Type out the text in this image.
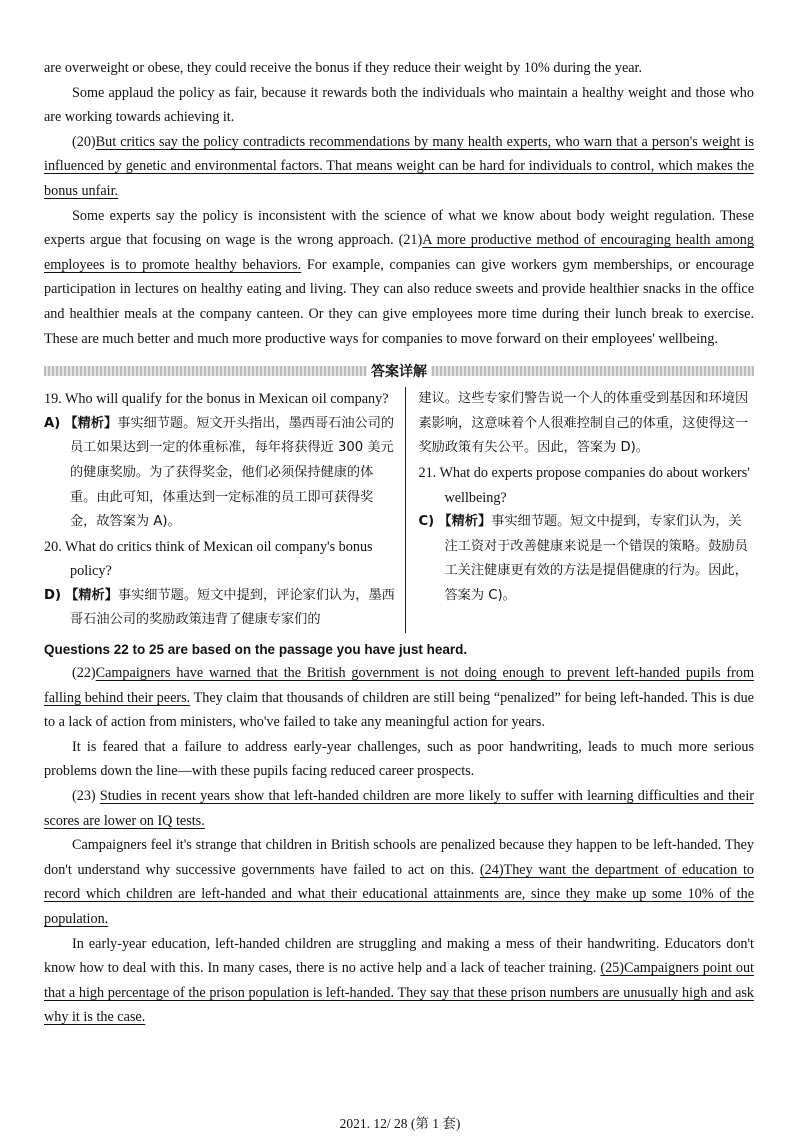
are overweight or obese, they could receive the bonus if they reduce their weight by 10% during the year.

Some applaud the policy as fair, because it rewards both the individuals who maintain a healthy weight and those who are working towards achieving it.

(20)But critics say the policy contradicts recommendations by many health experts, who warn that a person's weight is influenced by genetic and environmental factors. That means weight can be hard for individuals to control, which makes the bonus unfair.

Some experts say the policy is inconsistent with the science of what we know about body weight regulation. These experts argue that focusing on wage is the wrong approach. (21)A more productive method of encouraging health among employees is to promote healthy behaviors. For example, companies can give workers gym memberships, or encourage participation in lectures on healthy eating and living. They can also reduce sweets and provide healthier snacks in the office and healthier meals at the company canteen. Or they can give employees more time during their lunch break to exercise. These are much better and much more productive ways for companies to move forward on their employees' wellbeing.

答案详解

19. Who will qualify for the bonus in Mexican oil company?

A) 【精析】事实细节题。短文开头指出，墨西哥石油公司的员工如果达到一定的体重标准，每年将获得近 300 美元的健康奖励。为了获得奖金，他们必须保持健康的体重。由此可知，体重达到一定标准的员工即可获得奖金，故答案为 A)。

20. What do critics think of Mexican oil company's bonus policy?

D) 【精析】事实细节题。短文中提到，评论家们认为，墨西哥石油公司的奖励政策违背了健康专家们的

建议。这些专家们警告说一个人的体重受到基因和环境因素影响，这意味着个人很难控制自己的体重，这使得这一奖励政策有失公平。因此，答案为 D)。

21. What do experts propose companies do about workers' wellbeing?

C) 【精析】事实细节题。短文中提到，专家们认为，关注工资对于改善健康来说是一个错误的策略。鼓励员工关注健康更有效的方法是提倡健康的行为。因此，答案为 C)。

Questions 22 to 25 are based on the passage you have just heard.

(22)Campaigners have warned that the British government is not doing enough to prevent left-handed pupils from falling behind their peers. They claim that thousands of children are still being “penalized” for being left-handed. This is due to a lack of action from ministers, who've failed to take any meaningful action for years.

It is feared that a failure to address early-year challenges, such as poor handwriting, leads to much more serious problems down the line—with these pupils facing reduced career prospects.

(23) Studies in recent years show that left-handed children are more likely to suffer with learning difficulties and their scores are lower on IQ tests.

Campaigners feel it's strange that children in British schools are penalized because they happen to be left-handed. They don't understand why successive governments have failed to act on this. (24)They want the department of education to record which children are left-handed and what their educational attainments are, since they make up some 10% of the population.

In early-year education, left-handed children are struggling and making a mess of their handwriting. Educators don't know how to deal with this. In many cases, there is no active help and a lack of teacher training. (25)Campaigners point out that a high percentage of the prison population is left-handed. They say that these prison numbers are unusually high and ask why it is the case.

2021. 12/ 28 (第 1 套)
